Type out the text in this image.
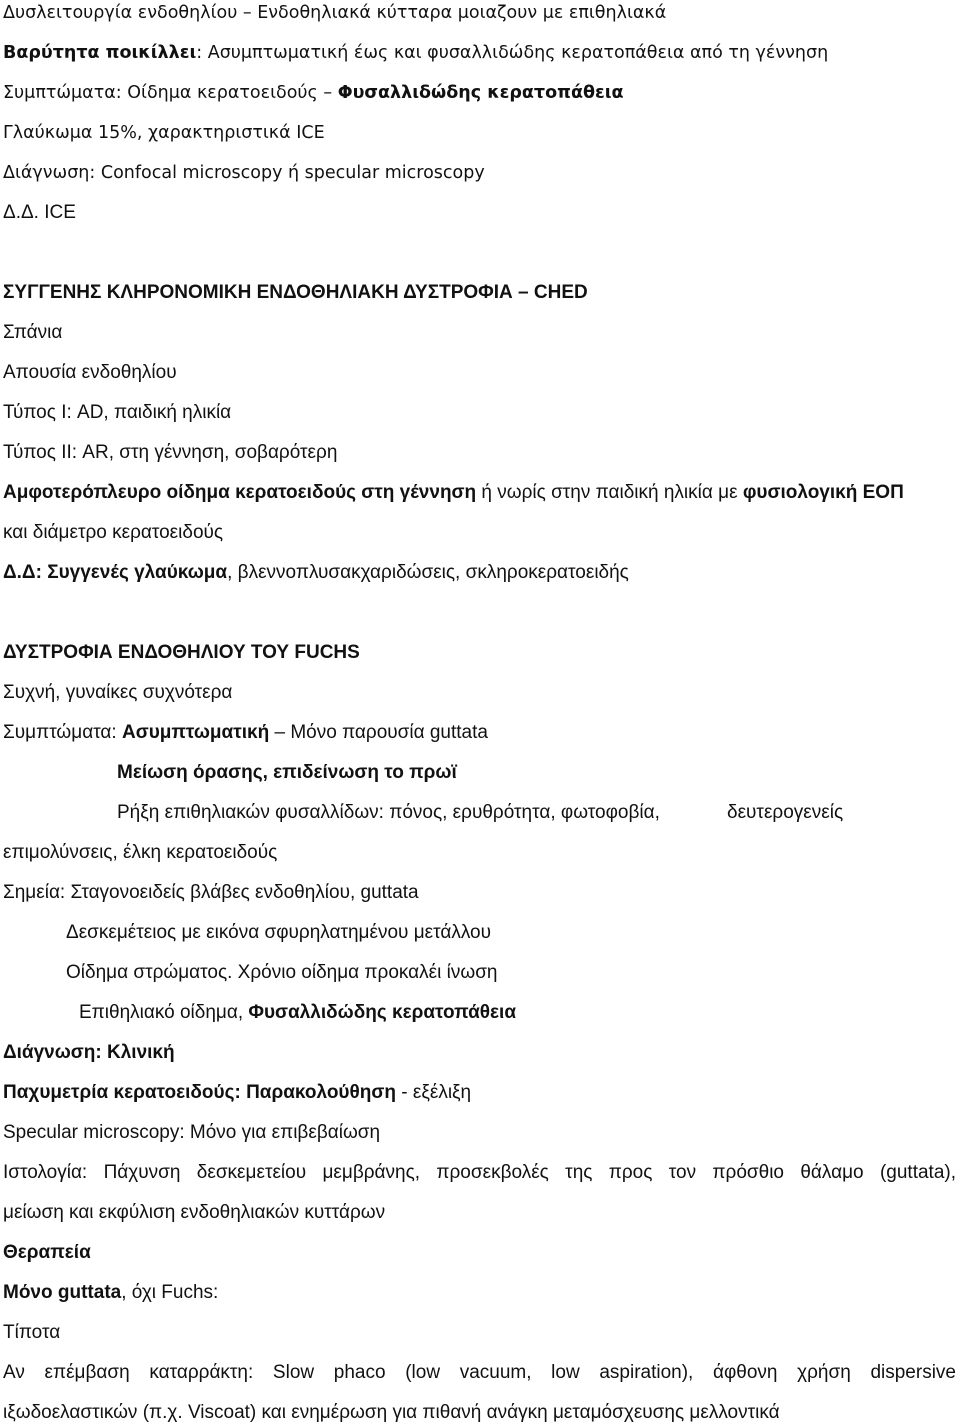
Δυσλειτουργία ενδοθηλίου – Ενδοθηλιακά κύτταρα μοιαζουν με επιθηλιακά
Βαρύτητα ποικίλλει: Ασυμπτωματική έως και φυσαλλιδώδης κερατοπάθεια από τη γέννηση
Συμπτώματα: Οίδημα κερατοειδούς – Φυσαλλιδώδης κερατοπάθεια
Γλαύκωμα 15%, χαρακτηριστικά ICE
Διάγνωση: Confocal microscopy ή specular microscopy
Δ.Δ. ICE
ΣΥΓΓΕΝΗΣ ΚΛΗΡΟΝΟΜΙΚΗ ΕΝΔΟΘΗΛΙΑΚΗ ΔΥΣΤΡΟΦΙΑ – CHED
Σπάνια
Απουσία ενδοθηλίου
Τύπος Ι: AD, παιδική ηλικία
Τύπος ΙΙ: AR, στη γέννηση, σοβαρότερη
Αμφοτερόπλευρο οίδημα κερατοειδούς στη γέννηση ή νωρίς στην παιδική ηλικία με φυσιολογική ΕΟΠ
και διάμετρο κερατοειδούς
Δ.Δ: Συγγενές γλαύκωμα, βλεννοπλυσακχαριδώσεις, σκληροκερατοειδής
ΔΥΣΤΡΟΦΙΑ ΕΝΔΟΘΗΛΙΟΥ ΤΟΥ FUCHS
Συχνή, γυναίκες συχνότερα
Συμπτώματα: Ασυμπτωματική – Μόνο παρουσία guttata
Μείωση όρασης, επιδείνωση το πρωϊ
Ρήξη επιθηλιακών φυσαλλίδων: πόνος, ερυθρότητα, φωτοφοβία,	δευτερογενείς
επιμολύνσεις, έλκη κερατοειδούς
Σημεία: Σταγονοειδείς βλάβες ενδοθηλίου, guttata
Δεσκεμέτειος με εικόνα σφυρηλατημένου μετάλλου
Οίδημα στρώματος. Χρόνιο οίδημα προκαλέι ίνωση
Επιθηλιακό οίδημα, Φυσαλλιδώδης κερατοπάθεια
Διάγνωση: Κλινική
Παχυμετρία κερατοειδούς: Παρακολούθηση - εξέλιξη
Specular microscopy: Μόνο για επιβεβαίωση
Ιστολογία: Πάχυνση δεσκεμετείου μεμβράνης, προσεκβολές της προς τον πρόσθιο θάλαμο (guttata),
μείωση και εκφύλιση ενδοθηλιακών κυττάρων
Θεραπεία
Μόνο guttata, όχι Fuchs:
Τίποτα
Αν επέμβαση καταρράκτη: Slow phaco (low vacuum, low aspiration), άφθονη χρήση dispersive
ιξωδοελαστικών (π.χ. Viscoat) και ενημέρωση για πιθανή ανάγκη μεταμόσχευσης μελλοντικά
